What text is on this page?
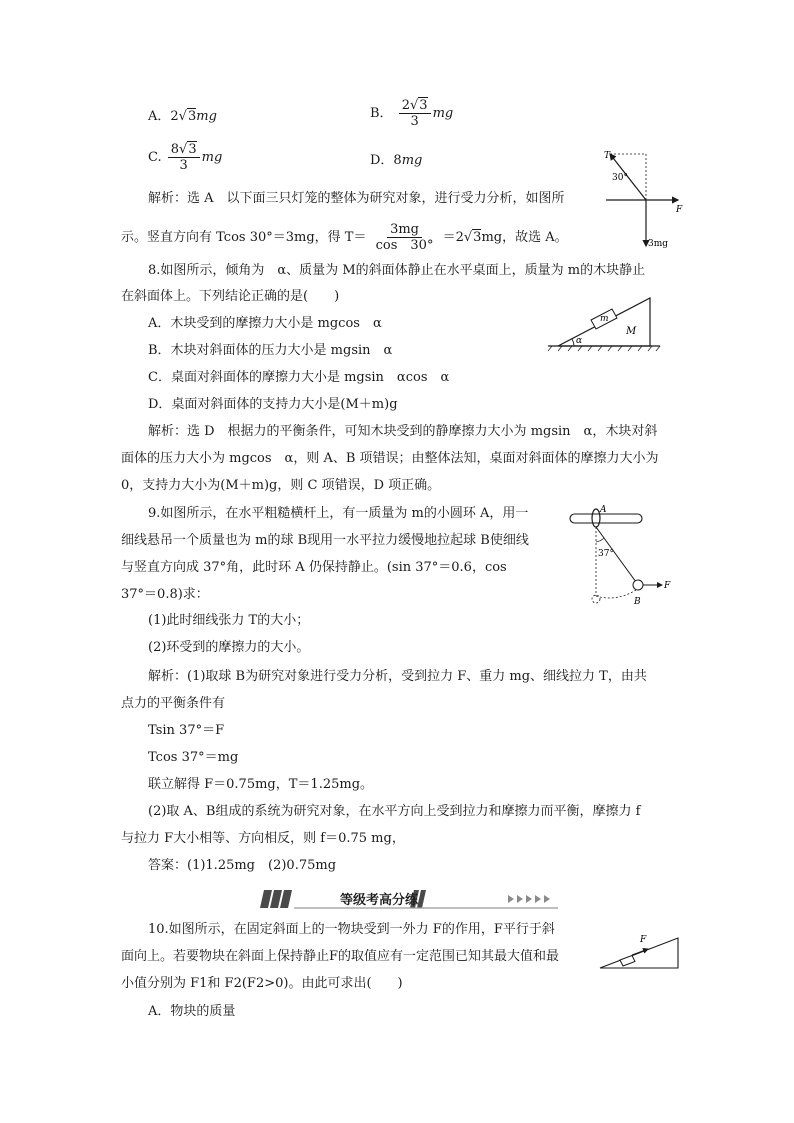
A．2√3mg	B． $\frac{2√3}{3}$ mg
C. $\frac{8√3}{3}$ mg	D．8mg	T
30°
F
3mg
解析：选 A　以下面三只灯笼的整体为研究对象，进行受力分析，如图所
示。竖直方向有 Tcos 30°＝3mg，得 $T= \frac{3mg}{\cos 30^\circ} =2√3mg$，故选 A。
8.如图所示，倾角为　α、质量为 M的斜面体静止在水平桌面上，质量为 m的木块静止
在斜面体上。下列结论正确的是(　　)
A．木块受到的摩擦力大小是 mgcos　α
B．木块对斜面体的压力大小是 mgsin　α
C．桌面对斜面体的摩擦力大小是 mgsin　αcos　α
D．桌面对斜面体的支持力大小是(M＋m)g
m
M
α
解析：选 D　根据力的平衡条件，可知木块受到的静摩擦力大小为 mgsin　α，木块对斜
面体的压力大小为 mgcos　α，则 A、B 项错误；由整体法知，桌面对斜面体的摩擦力大小为
0，支持力大小为(M＋m)g，则 C 项错误，D 项正确。
9.如图所示，在水平粗糙横杆上，有一质量为 m的小圆环 A，用一
细线悬吊一个质量也为 m的球 B现用一水平拉力缓慢地拉起球 B使细线
与竖直方向成 37°角，此时环 A 仍保持静止。(sin 37°＝0.6，cos
37°＝0.8)求：
A
37°
F
B
(1)此时细线张力 T的大小；
(2)环受到的摩擦力的大小。
解析：(1)取球 B为研究对象进行受力分析，受到拉力 F、重力 mg、细线拉力 T，由共
点力的平衡条件有
Tsin 37°＝F
Tcos 37°＝mg
联立解得 F＝0.75mg，T＝1.25mg。
(2)取 A、B组成的系统为研究对象，在水平方向上受到拉力和摩擦力而平衡，摩擦力 f
与拉力 F大小相等、方向相反，则 f＝0.75 mg，
答案：(1)1.25mg　(2)0.75mg
等级考高分练
10.如图所示，在固定斜面上的一物块受到一外力 F的作用，F平行于斜
面向上。若要物块在斜面上保持静止F的取值应有一定范围已知其最大值和最
小值分别为 F1和 F2(F2>0)。由此可求出(　　)
A．物块的质量
F
